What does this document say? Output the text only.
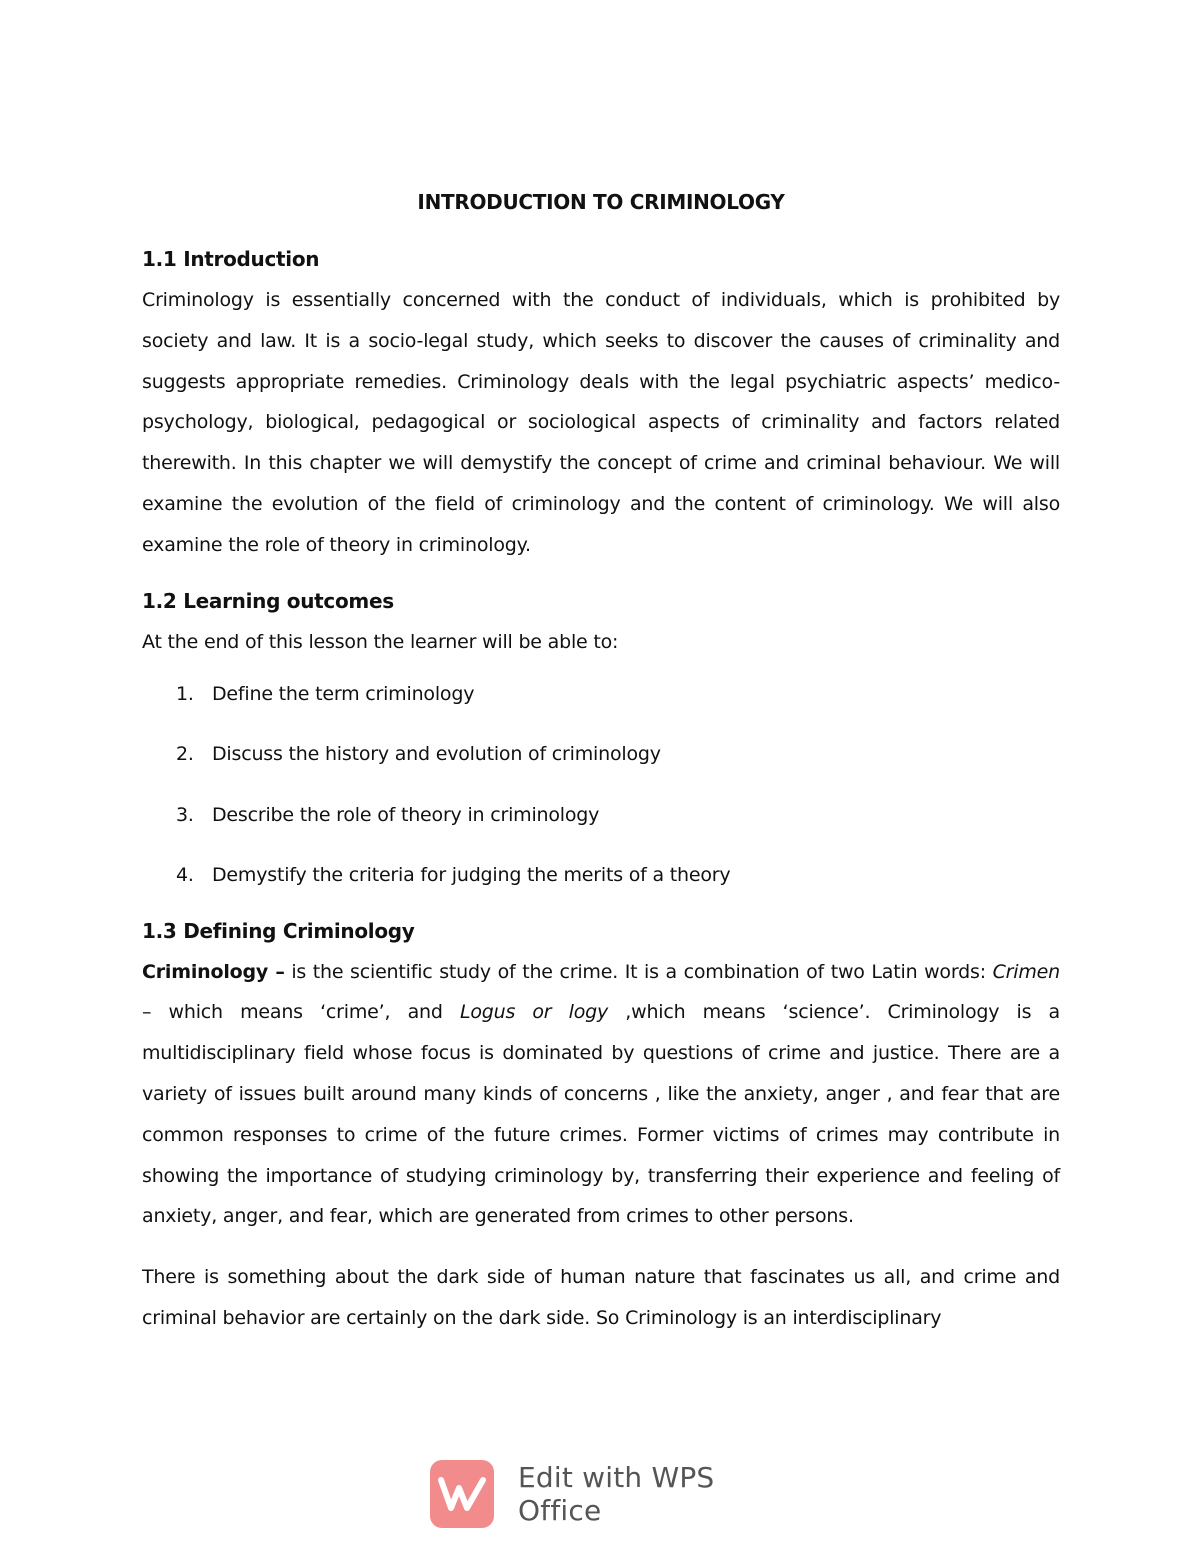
INTRODUCTION TO CRIMINOLOGY
1.1 Introduction

Criminology is essentially concerned with the conduct of individuals, which is prohibited by society and law. It is a socio-legal study, which seeks to discover the causes of criminality and suggests appropriate remedies. Criminology deals with the legal psychiatric aspects’ medico-psychology, biological, pedagogical or sociological aspects of criminality and factors related therewith. In this chapter we will demystify the concept of crime and criminal behaviour. We will examine the evolution of the field of criminology and the content of criminology. We will also examine the role of theory in criminology.

1.2 Learning outcomes

At the end of this lesson the learner will be able to:

1. Define the term criminology
2. Discuss the history and evolution of criminology
3. Describe the role of theory in criminology
4. Demystify the criteria for judging the merits of a theory
1.3 Defining Criminology

Criminology – is the scientific study of the crime. It is a combination of two Latin words: Crimen – which means ‘crime’, and Logus or logy ,which means ‘science’. Criminology is a multidisciplinary field whose focus is dominated by questions of crime and justice. There are a variety of issues built around many kinds of concerns , like the anxiety, anger , and fear that are common responses to crime of the future crimes. Former victims of crimes may contribute in showing the importance of studying criminology by, transferring their experience and feeling of anxiety, anger, and fear, which are generated from crimes to other persons.

There is something about the dark side of human nature that fascinates us all, and crime and criminal behavior are certainly on the dark side. So Criminology is an interdisciplinary

Edit with WPS Office
